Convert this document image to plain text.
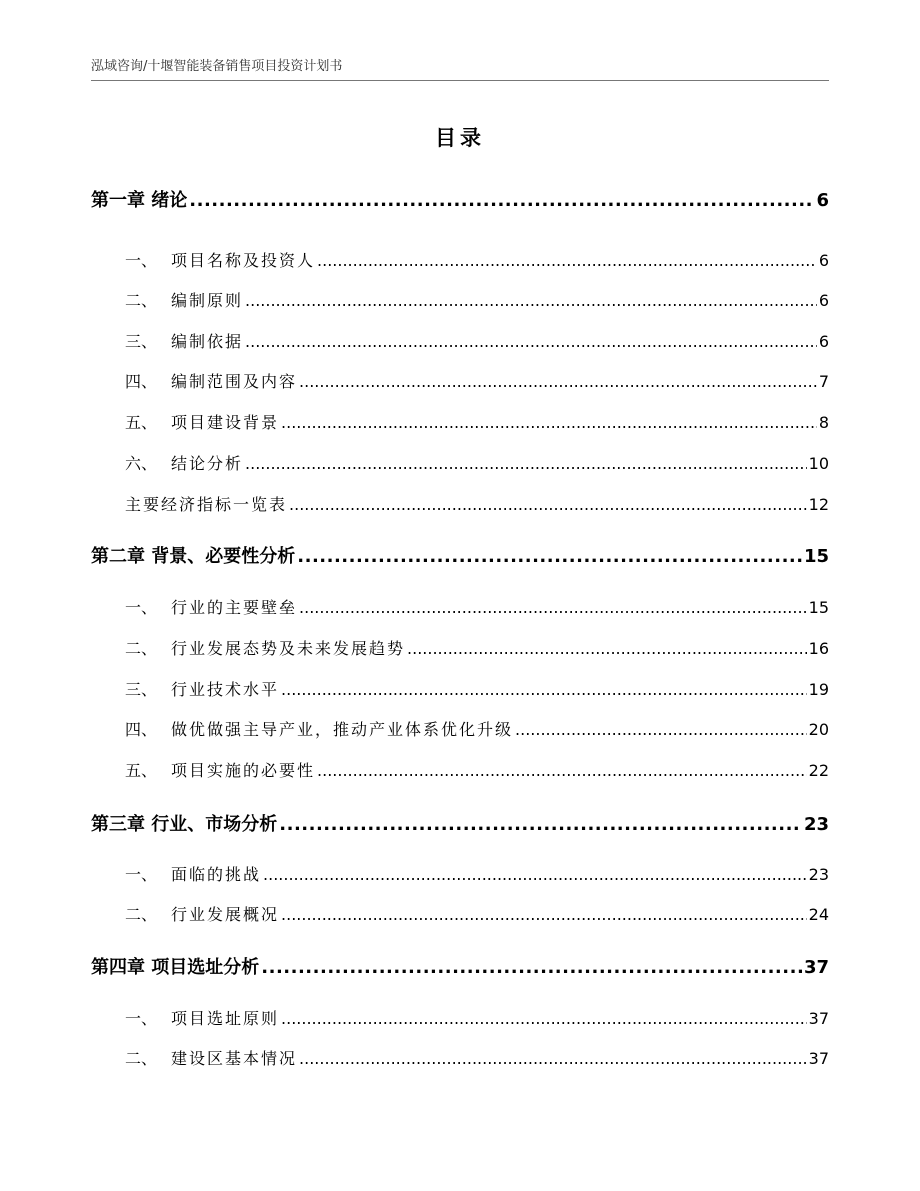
泓域咨询/十堰智能装备销售项目投资计划书
目录
第一章 绪论 .....	6
一、 项目名称及投资人 .....	6
二、 编制原则 .....	6
三、 编制依据 .....	6
四、 编制范围及内容 .....	7
五、 项目建设背景 .....	8
六、 结论分析 .....	10
主要经济指标一览表 .....	12
第二章 背景、必要性分析 .....	15
一、 行业的主要壁垒 .....	15
二、 行业发展态势及未来发展趋势 .....	16
三、 行业技术水平 .....	19
四、 做优做强主导产业，推动产业体系优化升级 .....	20
五、 项目实施的必要性 .....	22
第三章 行业、市场分析 .....	23
一、 面临的挑战 .....	23
二、 行业发展概况 .....	24
第四章 项目选址分析 .....	37
一、 项目选址原则 .....	37
二、 建设区基本情况 .....	37
